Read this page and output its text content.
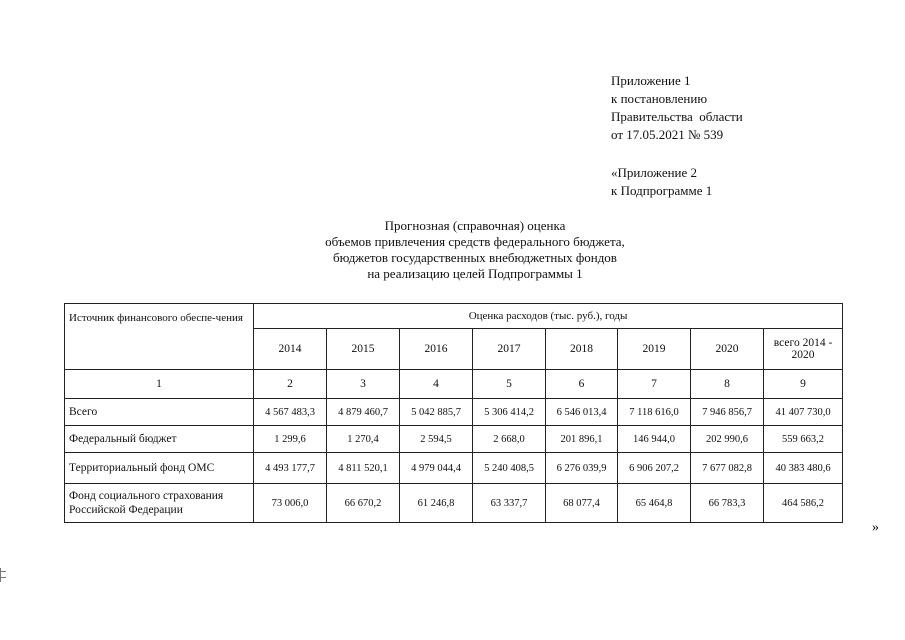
Приложение 1
к постановлению
Правительства  области
от 17.05.2021 № 539
«Приложение 2
к Подпрограмме 1
Прогнозная (справочная) оценка
объемов привлечения средств федерального бюджета,
бюджетов государственных внебюджетных фондов
на реализацию целей Подпрограммы 1
Источник финансового обеспе-чения	Оценка расходов (тыс. руб.), годы							
	2014	2015	2016	2017	2018	2019	2020	всего 2014 - 2020
1	2	3	4	5	6	7	8	9
Всего	4 567 483,3	4 879 460,7	5 042 885,7	5 306 414,2	6 546 013,4	7 118 616,0	7 946 856,7	41 407 730,0
Федеральный бюджет	1 299,6	1 270,4	2 594,5	2 668,0	201 896,1	146 944,0	202 990,6	559 663,2
Территориальный фонд ОМС	4 493 177,7	4 811 520,1	4 979 044,4	5 240 408,5	6 276 039,9	6 906 207,2	7 677 082,8	40 383 480,6
Фонд социального страхования Российской Федерации	73 006,0	66 670,2	61 246,8	63 337,7	68 077,4	65 464,8	66 783,3	464 586,2
»
